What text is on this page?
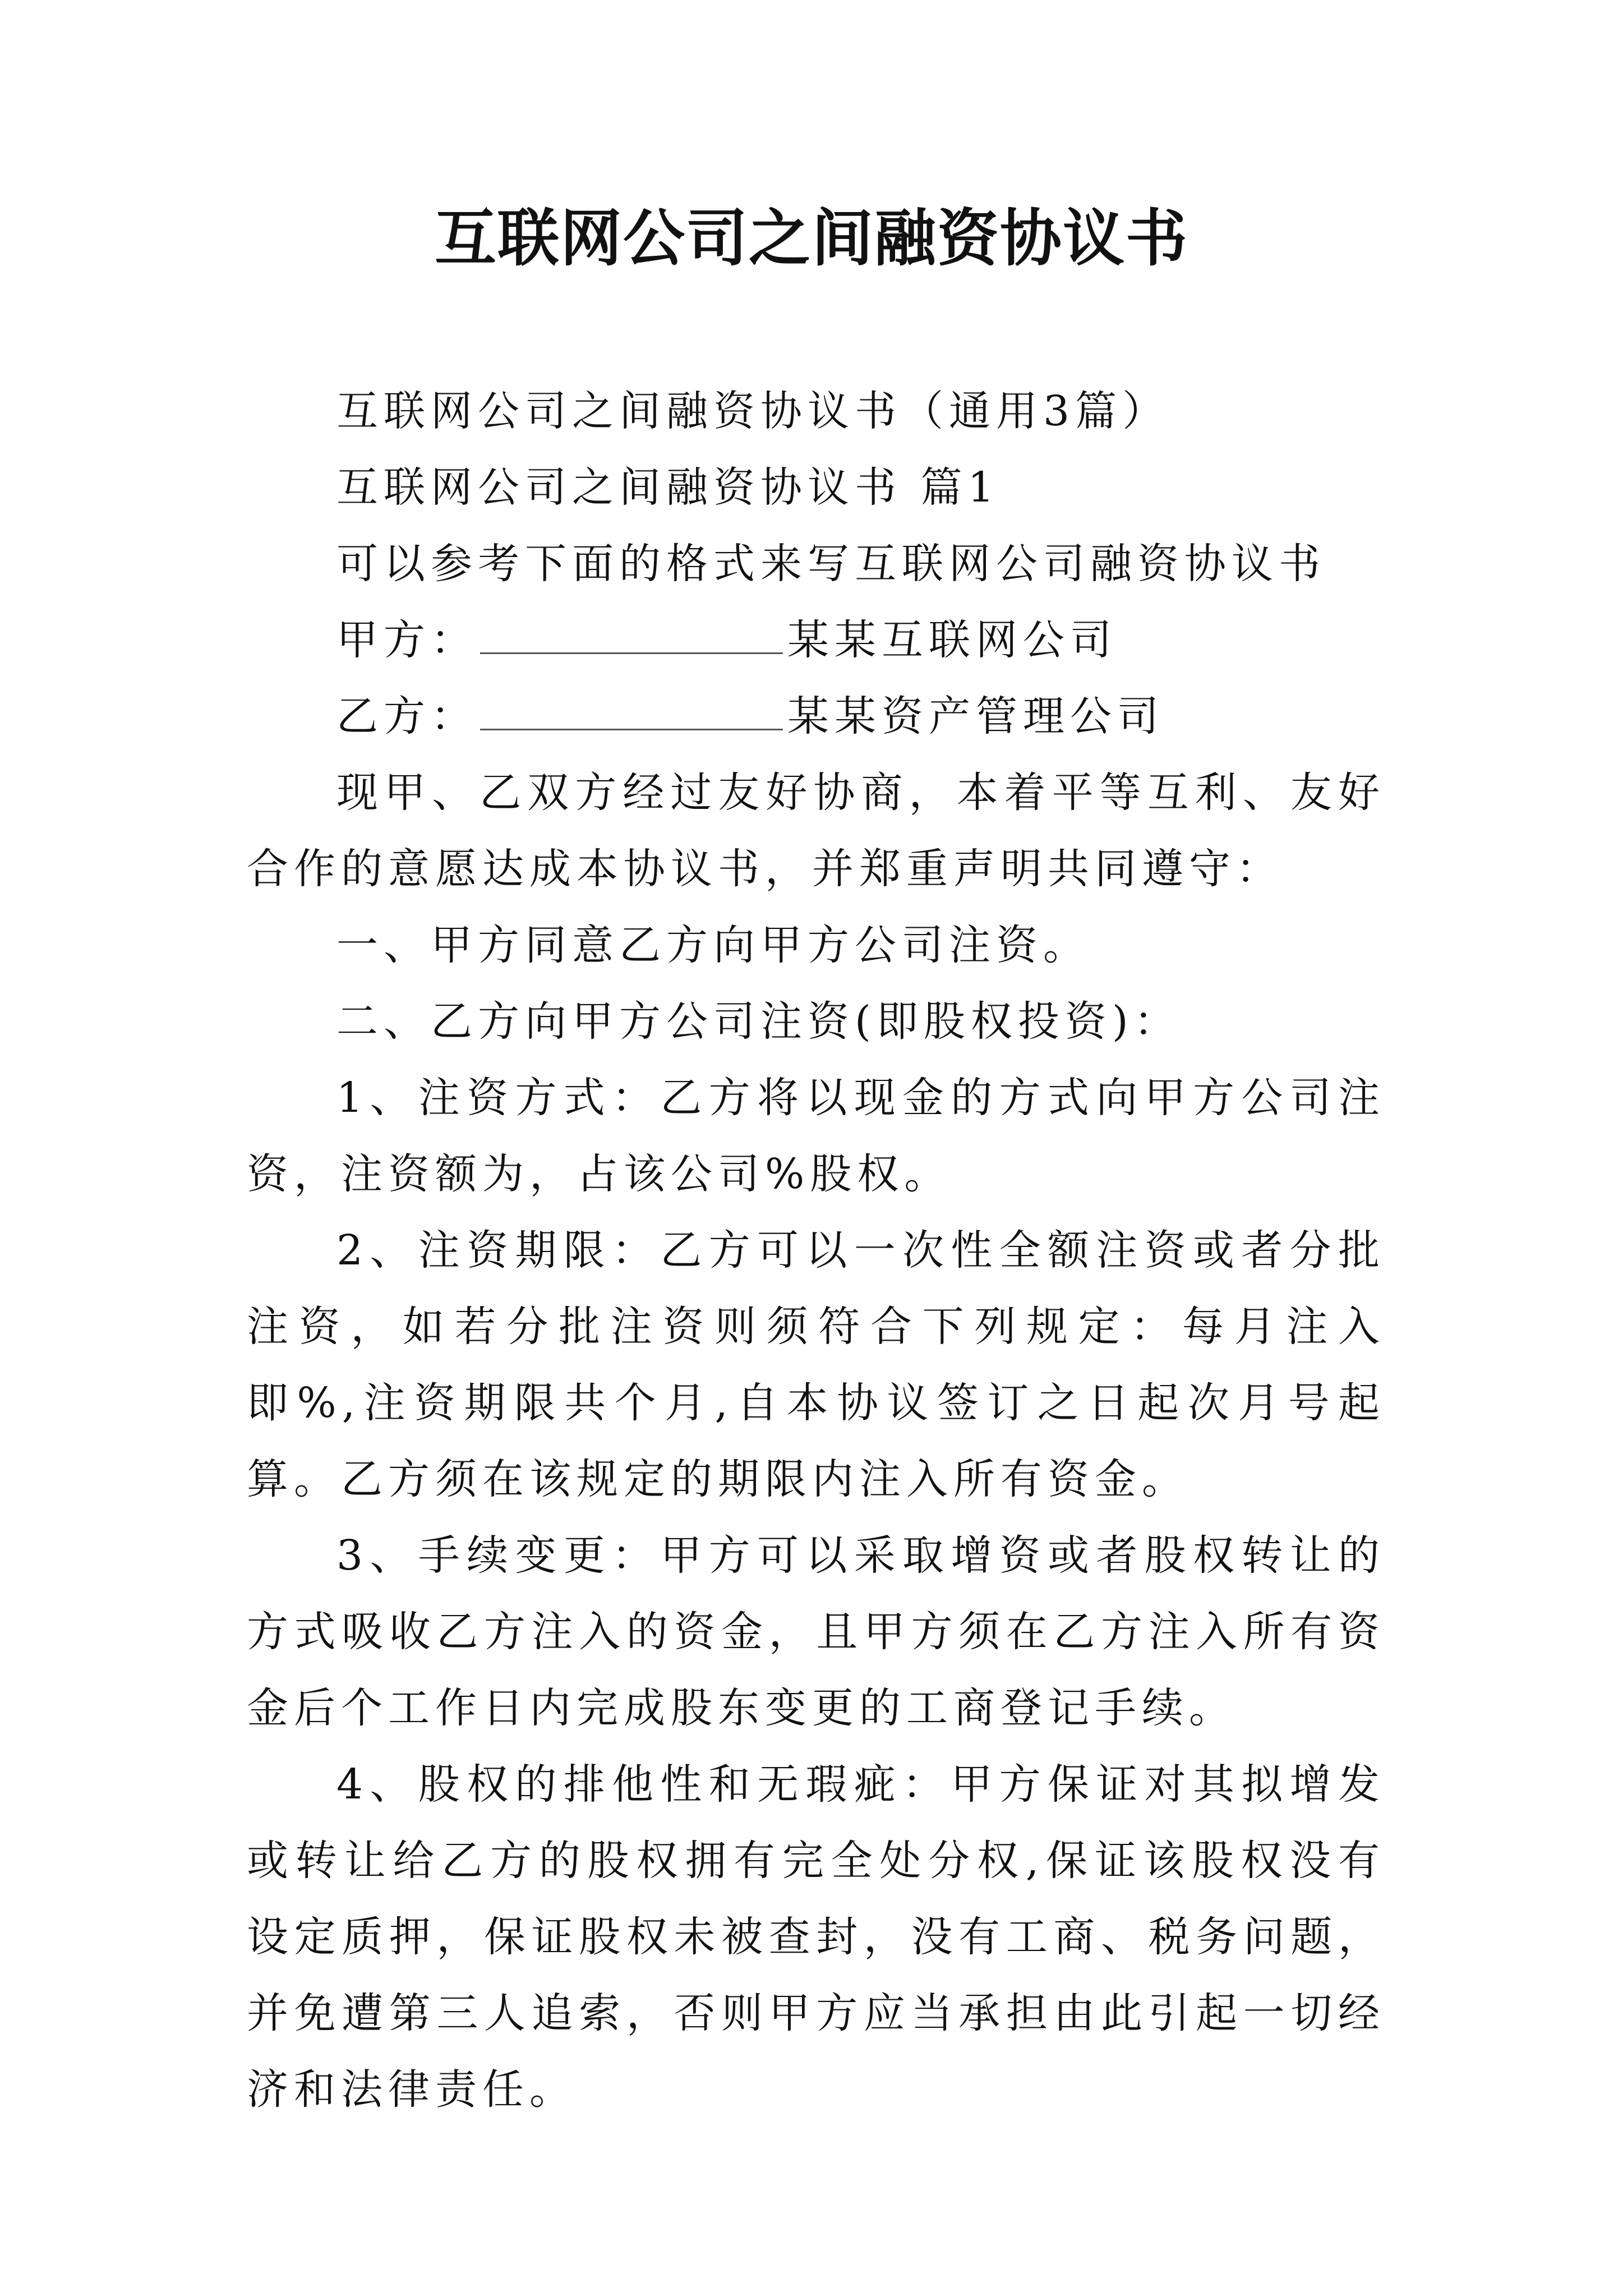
互联网公司之间融资协议书

互联网公司之间融资协议书（通用3篇）

互联网公司之间融资协议书 篇1

可以参考下面的格式来写互联网公司融资协议书

甲方：	某某互联网公司

乙方：	某某资产管理公司

现甲、乙双方经过友好协商，本着平等互利、友好合作的意愿达成本协议书，并郑重声明共同遵守：

一、甲方同意乙方向甲方公司注资。

二、乙方向甲方公司注资(即股权投资)：

1、注资方式：乙方将以现金的方式向甲方公司注资，注资额为，占该公司%股权。

2、注资期限：乙方可以一次性全额注资或者分批注资，如若分批注资则须符合下列规定：每月注入即%,注资期限共个月,自本协议签订之日起次月号起算。乙方须在该规定的期限内注入所有资金。

3、手续变更：甲方可以采取增资或者股权转让的方式吸收乙方注入的资金，且甲方须在乙方注入所有资金后个工作日内完成股东变更的工商登记手续。

4、股权的排他性和无瑕疵：甲方保证对其拟增发或转让给乙方的股权拥有完全处分权,保证该股权没有设定质押，保证股权未被查封，没有工商、税务问题，并免遭第三人追索，否则甲方应当承担由此引起一切经济和法律责任。
